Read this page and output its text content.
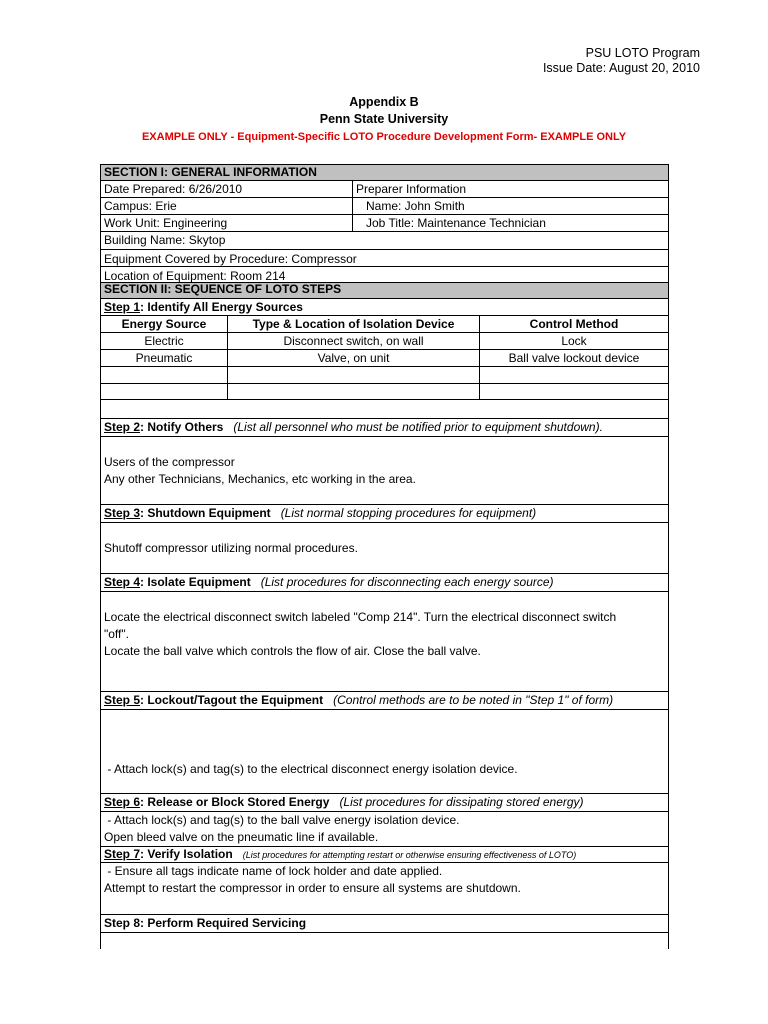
PSU LOTO Program
Issue Date: August 20, 2010
Appendix B
Penn State University
EXAMPLE ONLY - Equipment-Specific LOTO Procedure Development Form- EXAMPLE ONLY
SECTION I: GENERAL INFORMATION
Date Prepared: 6/26/2010	Preparer Information
Campus: Erie	Name: John Smith
Work Unit: Engineering	Job Title: Maintenance Technician
Building Name: Skytop
Equipment Covered by Procedure: Compressor
Location of Equipment: Room 214
SECTION II: SEQUENCE OF LOTO STEPS
Step 1: Identify All Energy Sources
Energy Source	Type & Location of Isolation Device	Control Method
Electric	Disconnect switch, on wall	Lock
Pneumatic	Valve, on unit	Ball valve lockout device
Step 2: Notify Others (List all personnel who must be notified prior to equipment shutdown).
Users of the compressor
Any other Technicians, Mechanics, etc working in the area.
Step 3: Shutdown Equipment (List normal stopping procedures for equipment)
Shutoff compressor utilizing normal procedures.
Step 4: Isolate Equipment (List procedures for disconnecting each energy source)
Locate the electrical disconnect switch labeled "Comp 214". Turn the electrical disconnect switch
"off".
Locate the ball valve which controls the flow of air. Close the ball valve.
Step 5: Lockout/Tagout the Equipment (Control methods are to be noted in "Step 1" of form)

- Attach lock(s) and tag(s) to the electrical disconnect energy isolation device.

- Attach lock(s) and tag(s) to the ball valve energy isolation device.

- Ensure all tags indicate name of lock holder and date applied.

Step 6: Release or Block Stored Energy (List procedures for dissipating stored energy)
Open bleed valve on the pneumatic line if available.
Step 7: Verify Isolation (List procedures for attempting restart or otherwise ensuring effectiveness of LOTO)
Attempt to restart the compressor in order to ensure all systems are shutdown.
Step 8: Perform Required Servicing
